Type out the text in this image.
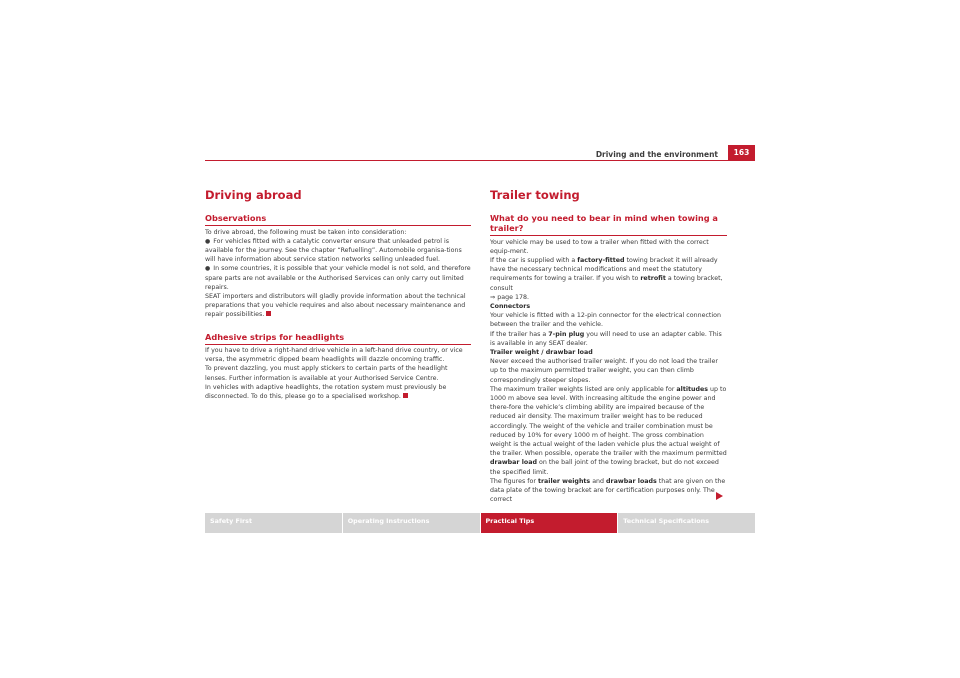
Driving and the environment	163
Driving abroad
Observations

To drive abroad, the following must be taken into consideration:

● For vehicles fitted with a catalytic converter ensure that unleaded petrol is available for the journey. See the chapter “Refuelling”. Automobile organisa-tions will have information about service station networks selling unleaded fuel.

● In some countries, it is possible that your vehicle model is not sold, and therefore spare parts are not available or the Authorised Services can only carry out limited repairs.

SEAT importers and distributors will gladly provide information about the technical preparations that you vehicle requires and also about necessary maintenance and repair possibilities.

Adhesive strips for headlights

If you have to drive a right-hand drive vehicle in a left-hand drive country, or vice versa, the asymmetric dipped beam headlights will dazzle oncoming traffic.

To prevent dazzling, you must apply stickers to certain parts of the headlight lenses. Further information is available at your Authorised Service Centre.

In vehicles with adaptive headlights, the rotation system must previously be disconnected. To do this, please go to a specialised workshop.

Trailer towing
What do you need to bear in mind when towing a trailer?

Your vehicle may be used to tow a trailer when fitted with the correct equip-ment.

If the car is supplied with a factory-fitted towing bracket it will already have the necessary technical modifications and meet the statutory requirements for towing a trailer. If you wish to retrofit a towing bracket, consult
⇒ page 178.

Connectors

Your vehicle is fitted with a 12-pin connector for the electrical connection between the trailer and the vehicle.

If the trailer has a 7-pin plug you will need to use an adapter cable. This is available in any SEAT dealer.

Trailer weight / drawbar load

Never exceed the authorised trailer weight. If you do not load the trailer up to the maximum permitted trailer weight, you can then climb correspondingly steeper slopes.

The maximum trailer weights listed are only applicable for altitudes up to 1000 m above sea level. With increasing altitude the engine power and there-fore the vehicle’s climbing ability are impaired because of the reduced air density. The maximum trailer weight has to be reduced accordingly. The weight of the vehicle and trailer combination must be reduced by 10% for every 1000 m of height. The gross combination weight is the actual weight of the laden vehicle plus the actual weight of the trailer. When possible, operate the trailer with the maximum permitted drawbar load on the ball joint of the towing bracket, but do not exceed the specified limit.

The figures for trailer weights and drawbar loads that are given on the data plate of the towing bracket are for certification purposes only. The correct

Safety First	Operating Instructions	Practical Tips	Technical Specifications
